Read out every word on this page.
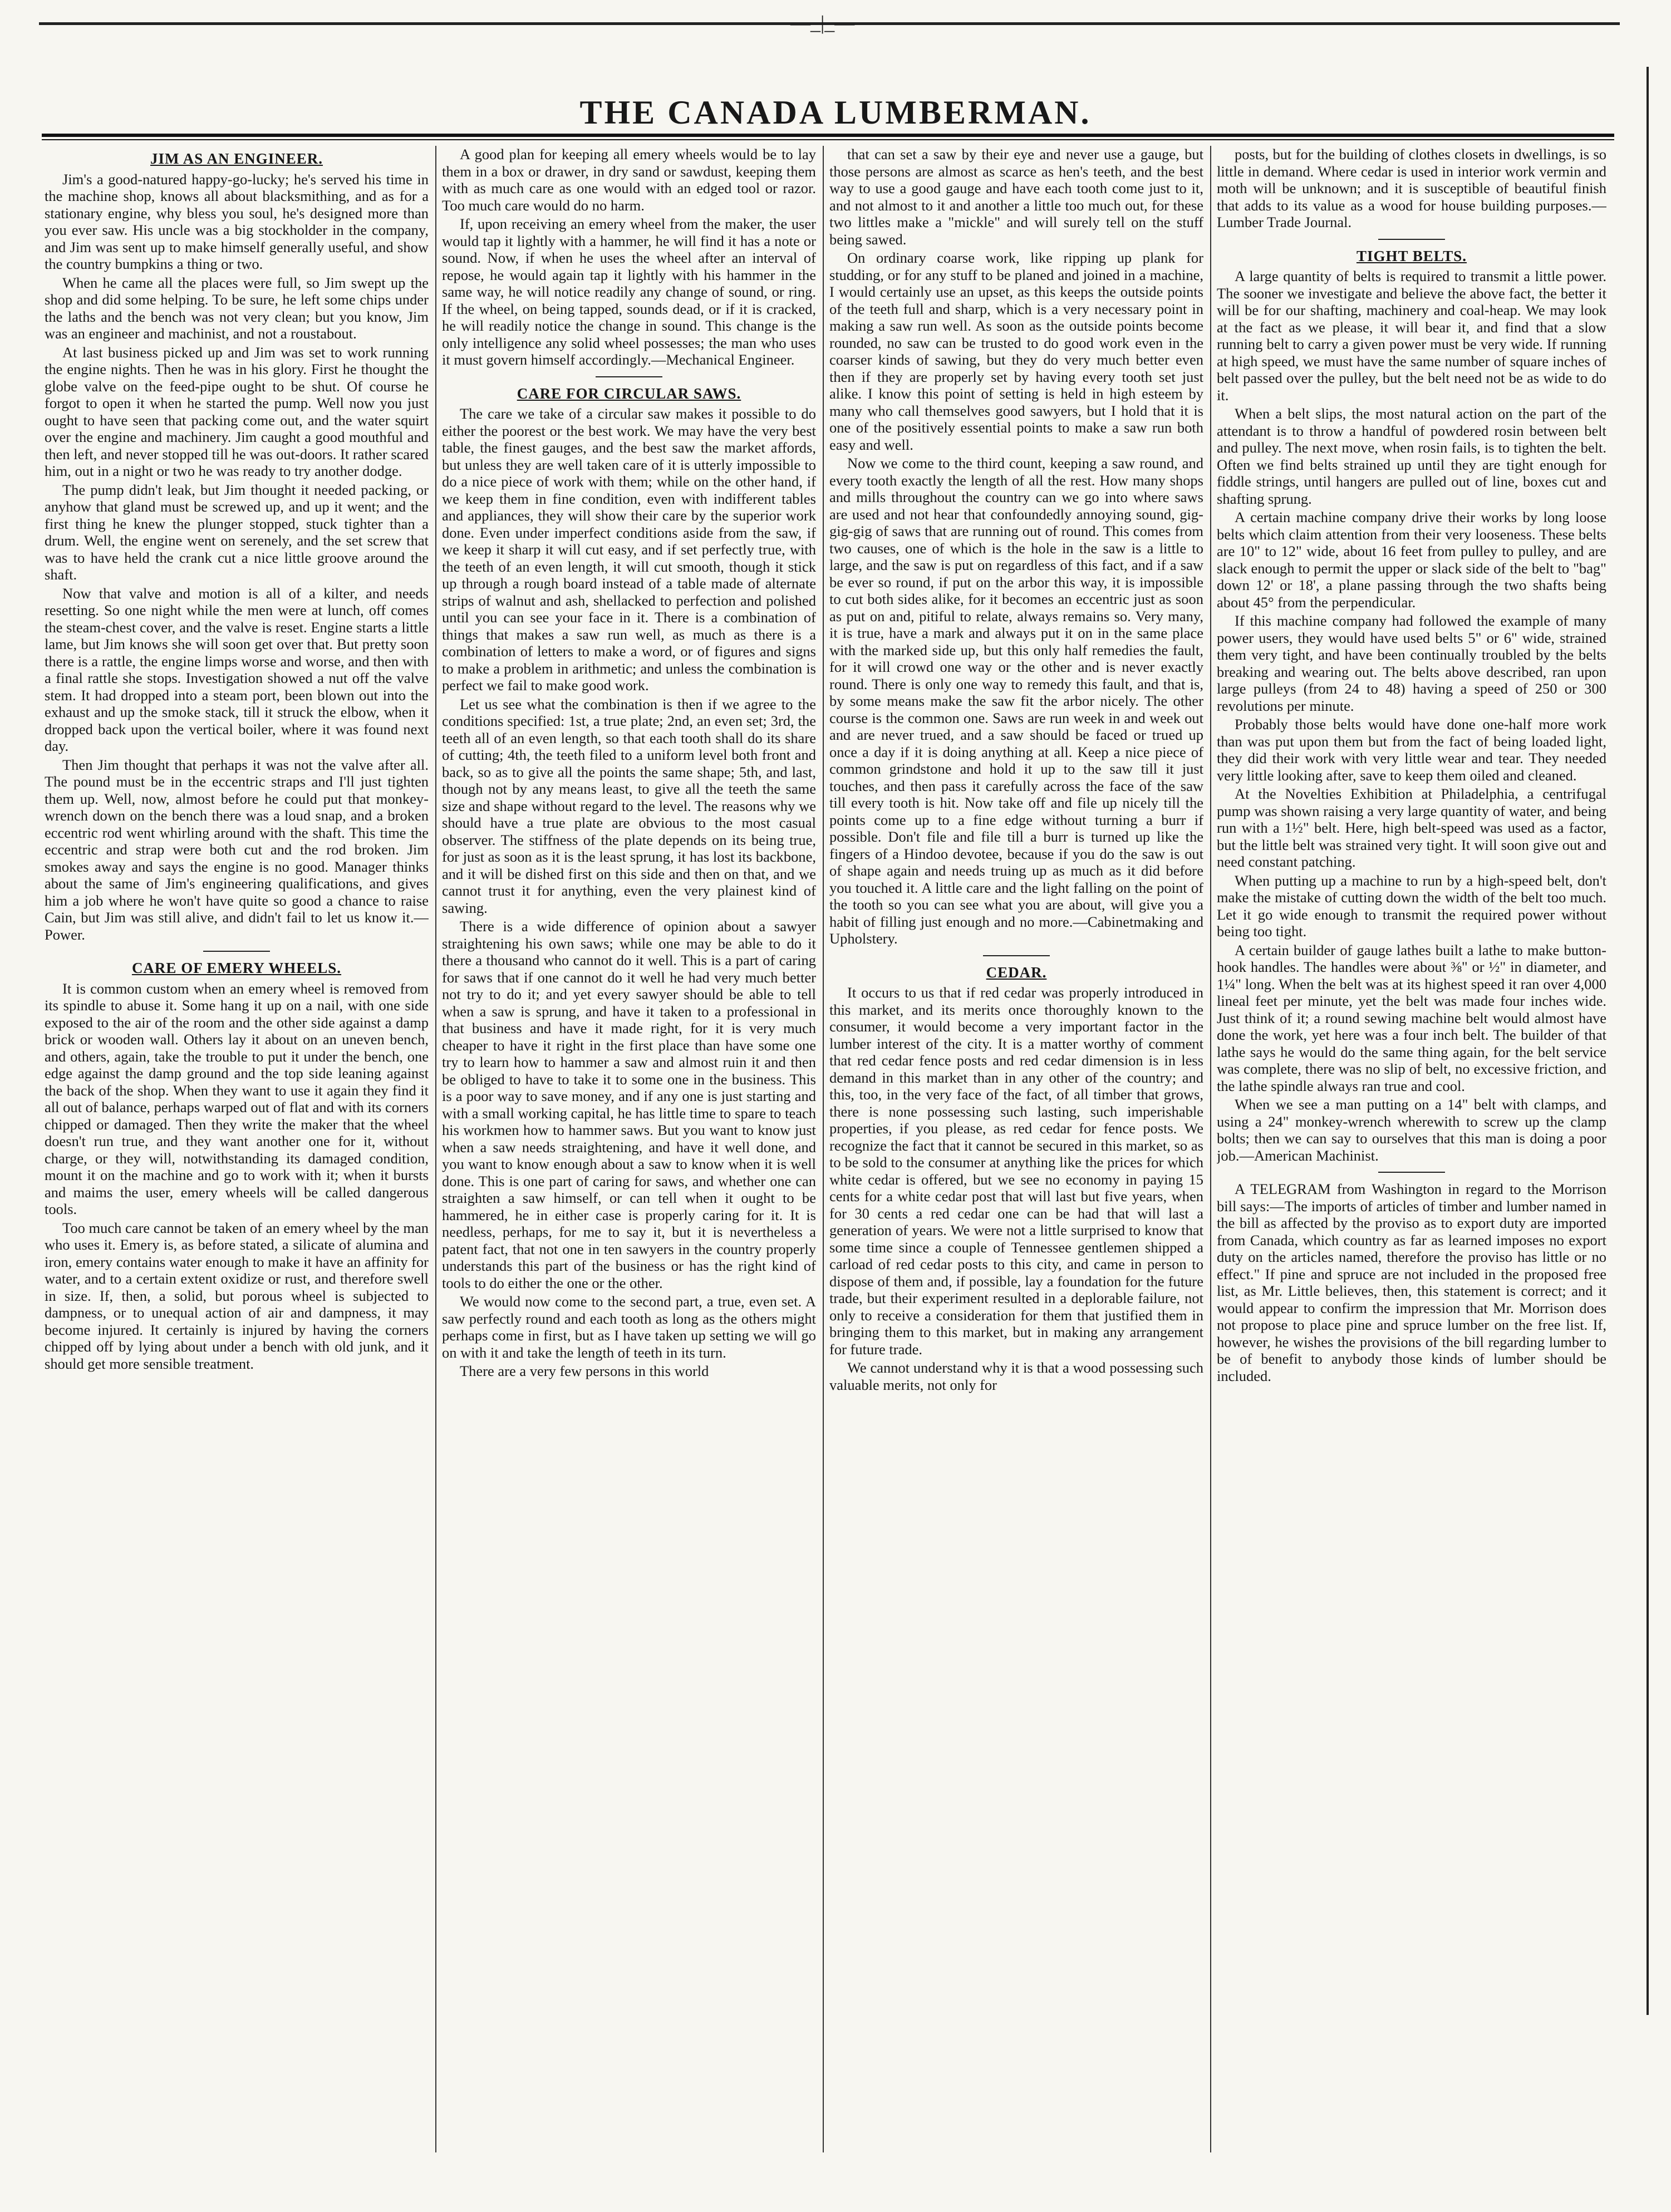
—_|_—
THE CANADA LUMBERMAN.
JIM AS AN ENGINEER.

Jim's a good-natured happy-go-lucky; he's served his time in the machine shop, knows all about blacksmithing, and as for a stationary engine, why bless you soul, he's designed more than you ever saw. His uncle was a big stockholder in the company, and Jim was sent up to make himself generally useful, and show the country bumpkins a thing or two.

When he came all the places were full, so Jim swept up the shop and did some helping. To be sure, he left some chips under the laths and the bench was not very clean; but you know, Jim was an engineer and machinist, and not a roustabout.

At last business picked up and Jim was set to work running the engine nights. Then he was in his glory. First he thought the globe valve on the feed-pipe ought to be shut. Of course he forgot to open it when he started the pump. Well now you just ought to have seen that packing come out, and the water squirt over the engine and machinery. Jim caught a good mouthful and then left, and never stopped till he was out-doors. It rather scared him, out in a night or two he was ready to try another dodge.

The pump didn't leak, but Jim thought it needed packing, or anyhow that gland must be screwed up, and up it went; and the first thing he knew the plunger stopped, stuck tighter than a drum. Well, the engine went on serenely, and the set screw that was to have held the crank cut a nice little groove around the shaft.

Now that valve and motion is all of a kilter, and needs resetting. So one night while the men were at lunch, off comes the steam-chest cover, and the valve is reset. Engine starts a little lame, but Jim knows she will soon get over that. But pretty soon there is a rattle, the engine limps worse and worse, and then with a final rattle she stops. Investigation showed a nut off the valve stem. It had dropped into a steam port, been blown out into the exhaust and up the smoke stack, till it struck the elbow, when it dropped back upon the vertical boiler, where it was found next day.

Then Jim thought that perhaps it was not the valve after all. The pound must be in the eccentric straps and I'll just tighten them up. Well, now, almost before he could put that monkey-wrench down on the bench there was a loud snap, and a broken eccentric rod went whirling around with the shaft. This time the eccentric and strap were both cut and the rod broken. Jim smokes away and says the engine is no good. Manager thinks about the same of Jim's engineering qualifications, and gives him a job where he won't have quite so good a chance to raise Cain, but Jim was still alive, and didn't fail to let us know it.—Power.

CARE OF EMERY WHEELS.

It is common custom when an emery wheel is removed from its spindle to abuse it. Some hang it up on a nail, with one side exposed to the air of the room and the other side against a damp brick or wooden wall. Others lay it about on an uneven bench, and others, again, take the trouble to put it under the bench, one edge against the damp ground and the top side leaning against the back of the shop. When they want to use it again they find it all out of balance, perhaps warped out of flat and with its corners chipped or damaged. Then they write the maker that the wheel doesn't run true, and they want another one for it, without charge, or they will, notwithstanding its damaged condition, mount it on the machine and go to work with it; when it bursts and maims the user, emery wheels will be called dangerous tools.

Too much care cannot be taken of an emery wheel by the man who uses it. Emery is, as before stated, a silicate of alumina and iron, emery contains water enough to make it have an affinity for water, and to a certain extent oxidize or rust, and therefore swell in size. If, then, a solid, but porous wheel is subjected to dampness, or to unequal action of air and dampness, it may become injured. It certainly is injured by having the corners chipped off by lying about under a bench with old junk, and it should get more sensible treatment.

A good plan for keeping all emery wheels would be to lay them in a box or drawer, in dry sand or sawdust, keeping them with as much care as one would with an edged tool or razor. Too much care would do no harm.

If, upon receiving an emery wheel from the maker, the user would tap it lightly with a hammer, he will find it has a note or sound. Now, if when he uses the wheel after an interval of repose, he would again tap it lightly with his hammer in the same way, he will notice readily any change of sound, or ring. If the wheel, on being tapped, sounds dead, or if it is cracked, he will readily notice the change in sound. This change is the only intelligence any solid wheel possesses; the man who uses it must govern himself accordingly.—Mechanical Engineer.

CARE FOR CIRCULAR SAWS.

The care we take of a circular saw makes it possible to do either the poorest or the best work. We may have the very best table, the finest gauges, and the best saw the market affords, but unless they are well taken care of it is utterly impossible to do a nice piece of work with them; while on the other hand, if we keep them in fine condition, even with indifferent tables and appliances, they will show their care by the superior work done. Even under imperfect conditions aside from the saw, if we keep it sharp it will cut easy, and if set perfectly true, with the teeth of an even length, it will cut smooth, though it stick up through a rough board instead of a table made of alternate strips of walnut and ash, shellacked to perfection and polished until you can see your face in it. There is a combination of things that makes a saw run well, as much as there is a combination of letters to make a word, or of figures and signs to make a problem in arithmetic; and unless the combination is perfect we fail to make good work.

Let us see what the combination is then if we agree to the conditions specified: 1st, a true plate; 2nd, an even set; 3rd, the teeth all of an even length, so that each tooth shall do its share of cutting; 4th, the teeth filed to a uniform level both front and back, so as to give all the points the same shape; 5th, and last, though not by any means least, to give all the teeth the same size and shape without regard to the level. The reasons why we should have a true plate are obvious to the most casual observer. The stiffness of the plate depends on its being true, for just as soon as it is the least sprung, it has lost its backbone, and it will be dished first on this side and then on that, and we cannot trust it for anything, even the very plainest kind of sawing.

There is a wide difference of opinion about a sawyer straightening his own saws; while one may be able to do it there a thousand who cannot do it well. This is a part of caring for saws that if one cannot do it well he had very much better not try to do it; and yet every sawyer should be able to tell when a saw is sprung, and have it taken to a professional in that business and have it made right, for it is very much cheaper to have it right in the first place than have some one try to learn how to hammer a saw and almost ruin it and then be obliged to have to take it to some one in the business. This is a poor way to save money, and if any one is just starting and with a small working capital, he has little time to spare to teach his workmen how to hammer saws. But you want to know just when a saw needs straightening, and have it well done, and you want to know enough about a saw to know when it is well done. This is one part of caring for saws, and whether one can straighten a saw himself, or can tell when it ought to be hammered, he in either case is properly caring for it. It is needless, perhaps, for me to say it, but it is nevertheless a patent fact, that not one in ten sawyers in the country properly understands this part of the business or has the right kind of tools to do either the one or the other.

We would now come to the second part, a true, even set. A saw perfectly round and each tooth as long as the others might perhaps come in first, but as I have taken up setting we will go on with it and take the length of teeth in its turn.

There are a very few persons in this world

that can set a saw by their eye and never use a gauge, but those persons are almost as scarce as hen's teeth, and the best way to use a good gauge and have each tooth come just to it, and not almost to it and another a little too much out, for these two littles make a "mickle" and will surely tell on the stuff being sawed.

On ordinary coarse work, like ripping up plank for studding, or for any stuff to be planed and joined in a machine, I would certainly use an upset, as this keeps the outside points of the teeth full and sharp, which is a very necessary point in making a saw run well. As soon as the outside points become rounded, no saw can be trusted to do good work even in the coarser kinds of sawing, but they do very much better even then if they are properly set by having every tooth set just alike. I know this point of setting is held in high esteem by many who call themselves good sawyers, but I hold that it is one of the positively essential points to make a saw run both easy and well.

Now we come to the third count, keeping a saw round, and every tooth exactly the length of all the rest. How many shops and mills throughout the country can we go into where saws are used and not hear that confoundedly annoying sound, gig-gig-gig of saws that are running out of round. This comes from two causes, one of which is the hole in the saw is a little to large, and the saw is put on regardless of this fact, and if a saw be ever so round, if put on the arbor this way, it is impossible to cut both sides alike, for it becomes an eccentric just as soon as put on and, pitiful to relate, always remains so. Very many, it is true, have a mark and always put it on in the same place with the marked side up, but this only half remedies the fault, for it will crowd one way or the other and is never exactly round. There is only one way to remedy this fault, and that is, by some means make the saw fit the arbor nicely. The other course is the common one. Saws are run week in and week out and are never trued, and a saw should be faced or trued up once a day if it is doing anything at all. Keep a nice piece of common grindstone and hold it up to the saw till it just touches, and then pass it carefully across the face of the saw till every tooth is hit. Now take off and file up nicely till the points come up to a fine edge without turning a burr if possible. Don't file and file till a burr is turned up like the fingers of a Hindoo devotee, because if you do the saw is out of shape again and needs truing up as much as it did before you touched it. A little care and the light falling on the point of the tooth so you can see what you are about, will give you a habit of filling just enough and no more.—Cabinetmaking and Upholstery.

CEDAR.

It occurs to us that if red cedar was properly introduced in this market, and its merits once thoroughly known to the consumer, it would become a very important factor in the lumber interest of the city. It is a matter worthy of comment that red cedar fence posts and red cedar dimension is in less demand in this market than in any other of the country; and this, too, in the very face of the fact, of all timber that grows, there is none possessing such lasting, such imperishable properties, if you please, as red cedar for fence posts. We recognize the fact that it cannot be secured in this market, so as to be sold to the consumer at anything like the prices for which white cedar is offered, but we see no economy in paying 15 cents for a white cedar post that will last but five years, when for 30 cents a red cedar one can be had that will last a generation of years. We were not a little surprised to know that some time since a couple of Tennessee gentlemen shipped a carload of red cedar posts to this city, and came in person to dispose of them and, if possible, lay a foundation for the future trade, but their experiment resulted in a deplorable failure, not only to receive a consideration for them that justified them in bringing them to this market, but in making any arrangement for future trade.

We cannot understand why it is that a wood possessing such valuable merits, not only for

posts, but for the building of clothes closets in dwellings, is so little in demand. Where cedar is used in interior work vermin and moth will be unknown; and it is susceptible of beautiful finish that adds to its value as a wood for house building purposes.—Lumber Trade Journal.

TIGHT BELTS.

A large quantity of belts is required to transmit a little power. The sooner we investigate and believe the above fact, the better it will be for our shafting, machinery and coal-heap. We may look at the fact as we please, it will bear it, and find that a slow running belt to carry a given power must be very wide. If running at high speed, we must have the same number of square inches of belt passed over the pulley, but the belt need not be as wide to do it.

When a belt slips, the most natural action on the part of the attendant is to throw a handful of powdered rosin between belt and pulley. The next move, when rosin fails, is to tighten the belt. Often we find belts strained up until they are tight enough for fiddle strings, until hangers are pulled out of line, boxes cut and shafting sprung.

A certain machine company drive their works by long loose belts which claim attention from their very looseness. These belts are 10" to 12" wide, about 16 feet from pulley to pulley, and are slack enough to permit the upper or slack side of the belt to "bag" down 12' or 18', a plane passing through the two shafts being about 45° from the perpendicular.

If this machine company had followed the example of many power users, they would have used belts 5" or 6" wide, strained them very tight, and have been continually troubled by the belts breaking and wearing out. The belts above described, ran upon large pulleys (from 24 to 48) having a speed of 250 or 300 revolutions per minute.

Probably those belts would have done one-half more work than was put upon them but from the fact of being loaded light, they did their work with very little wear and tear. They needed very little looking after, save to keep them oiled and cleaned.

At the Novelties Exhibition at Philadelphia, a centrifugal pump was shown raising a very large quantity of water, and being run with a 1½" belt. Here, high belt-speed was used as a factor, but the little belt was strained very tight. It will soon give out and need constant patching.

When putting up a machine to run by a high-speed belt, don't make the mistake of cutting down the width of the belt too much. Let it go wide enough to transmit the required power without being too tight.

A certain builder of gauge lathes built a lathe to make button-hook handles. The handles were about ⅜" or ½" in diameter, and 1¼" long. When the belt was at its highest speed it ran over 4,000 lineal feet per minute, yet the belt was made four inches wide. Just think of it; a round sewing machine belt would almost have done the work, yet here was a four inch belt. The builder of that lathe says he would do the same thing again, for the belt service was complete, there was no slip of belt, no excessive friction, and the lathe spindle always ran true and cool.

When we see a man putting on a 14" belt with clamps, and using a 24" monkey-wrench wherewith to screw up the clamp bolts; then we can say to ourselves that this man is doing a poor job.—American Machinist.

A TELEGRAM from Washington in regard to the Morrison bill says:—The imports of articles of timber and lumber named in the bill as affected by the proviso as to export duty are imported from Canada, which country as far as learned imposes no export duty on the articles named, therefore the proviso has little or no effect." If pine and spruce are not included in the proposed free list, as Mr. Little believes, then, this statement is correct; and it would appear to confirm the impression that Mr. Morrison does not propose to place pine and spruce lumber on the free list. If, however, he wishes the provisions of the bill regarding lumber to be of benefit to anybody those kinds of lumber should be included.
